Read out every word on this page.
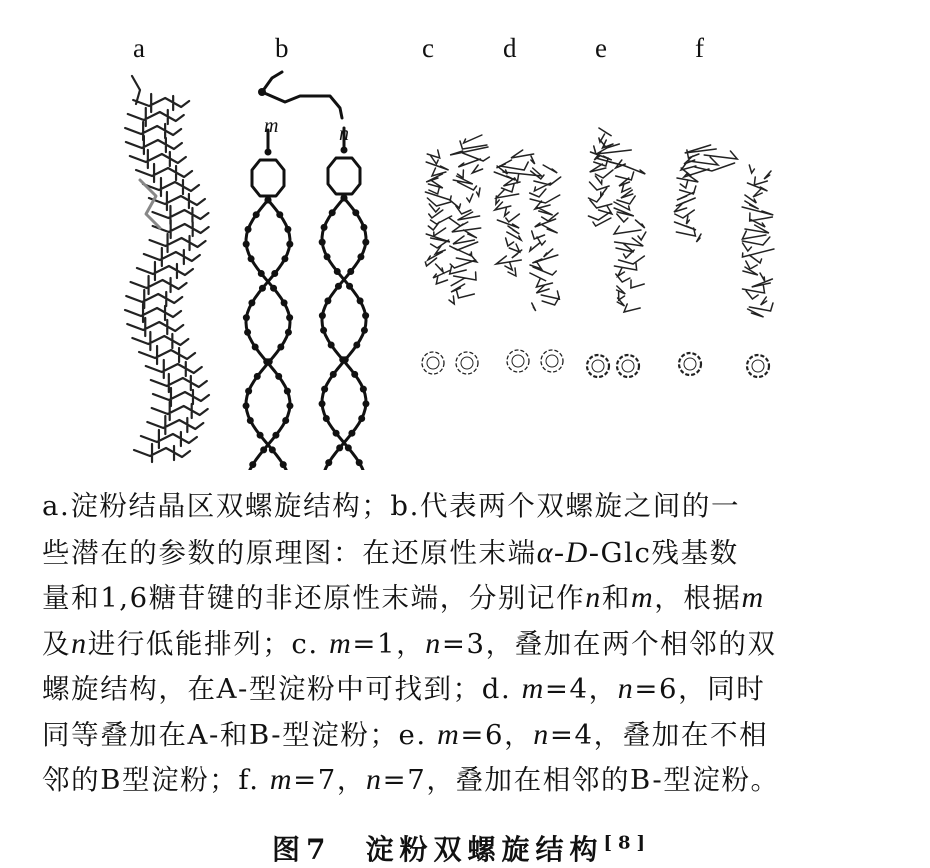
a	b	c	d	e	f
m	n
a.淀粉结晶区双螺旋结构；b.代表两个双螺旋之间的一
些潜在的参数的原理图：在还原性末端α-D-Glc残基数
量和1,6糖苷键的非还原性末端，分别记作n和m，根据m
及n进行低能排列；c. m=1，n=3，叠加在两个相邻的双
螺旋结构，在A-型淀粉中可找到；d. m=4，n=6，同时
同等叠加在A-和B-型淀粉；e. m=6，n=4，叠加在不相
邻的B型淀粉；f. m=7，n=7，叠加在相邻的B-型淀粉。
图7　淀粉双螺旋结构[8]
